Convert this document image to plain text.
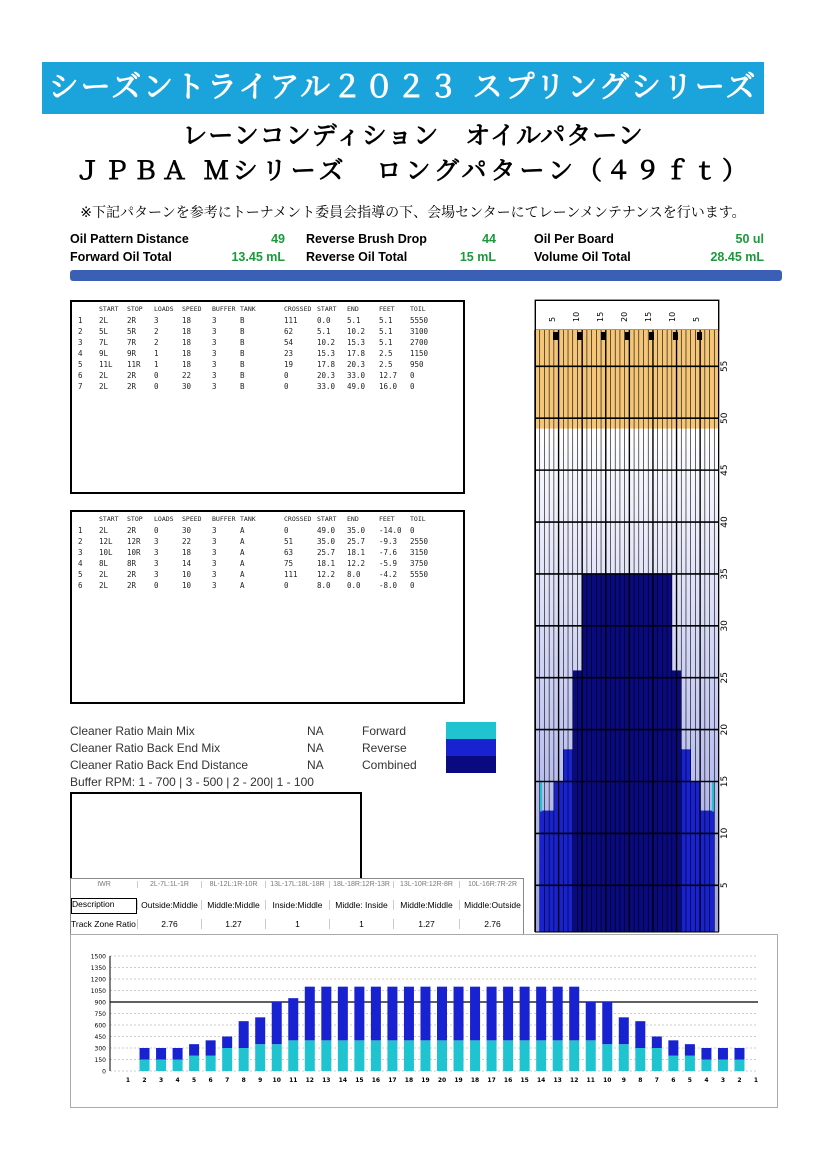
シーズントライアル２０２３ スプリングシリーズ
レーンコンディション　オイルパターン
ＪＰＢＡ Ｍシリーズ　ロングパターン（４９ｆｔ）
※下記パターンを参考にトーナメント委員会指導の下、会場センターにてレーンメンテナンスを行います。
Oil Pattern Distance	49 Reverse Brush Drop	44	Oil Per Board	50 ul
Forward Oil Total	13.45 mL Reverse Oil Total	15 mL	Volume Oil Total	28.45 mL
START STOP LOADS SPEED BUFFER TANK	CROSSED START END	FEET TOIL
1 2L	2R 3	18	3	B	111	0.0 5.1 5.1 5550
2 5L	5R 2	18	3	B	62	5.1 10.2 5.1 3100
3 7L	7R 2	18	3	B	54	10.2 15.3 5.1 2700
4 9L	9R 1	18	3	B	23	15.3 17.8 2.5 1150
5 11L 11R 1	18	3	B	19	17.8 20.3 2.5 950
6 2L	2R 0	22	3	B	0	20.3 33.0 12.7 0
7 2L	2R 0	30	3	B	0	33.0 49.0 16.0 0
START STOP LOADS SPEED BUFFER TANK	CROSSED START END	FEET TOIL
1 2L	2R 0	30	3	A	0	49.0 35.0 -14.0 0
2 12L 12R 3	22	3	A	51	35.0 25.7 -9.3 2550
3 10L 10R 3	18	3	A	63	25.7 18.1 -7.6 3150
4 8L	8R 3	14	3	A	75	18.1 12.2 -5.9 3750
5 2L	2R 3	10	3	A	111	12.2 8.0 -4.2 5550
6 2L	2R 0	10	3	A	0	8.0 0.0 -8.0 0
Cleaner Ratio Main Mix	NA	Forward
Cleaner Ratio Back End Mix	NA	Reverse
Cleaner Ratio Back End Distance	NA	Combined
Buffer RPM: 1 - 700 | 3 - 500 | 2 - 200| 1 - 100
IWR	2L-7L:1L-1R	8L-12L:1R-10R	13L-17L:18L-18R	18L-18R:12R-13R	13L-10R:12R-8R	10L-16R:7R-2R
Description	Outside:Middle	Middle:Middle	Inside:Middle	Middle: Inside	Middle:Middle	Middle:Outside
Track Zone Ratio	2.76	1.27	1	1	1.27	2.76
55
50
45
40
35
30
25
20
15
10
5
5 10 15 20 15 10 5
1500
1350
1200
1050
900
750
600
450
300
150
0
1 2 3 4 5 6 7 8 9 10 11 12 13 14 15 16 17 18 19 20 19 18 17 16 15 14 13 12 11 10 9 8 7 6 5 4 3 2 1
